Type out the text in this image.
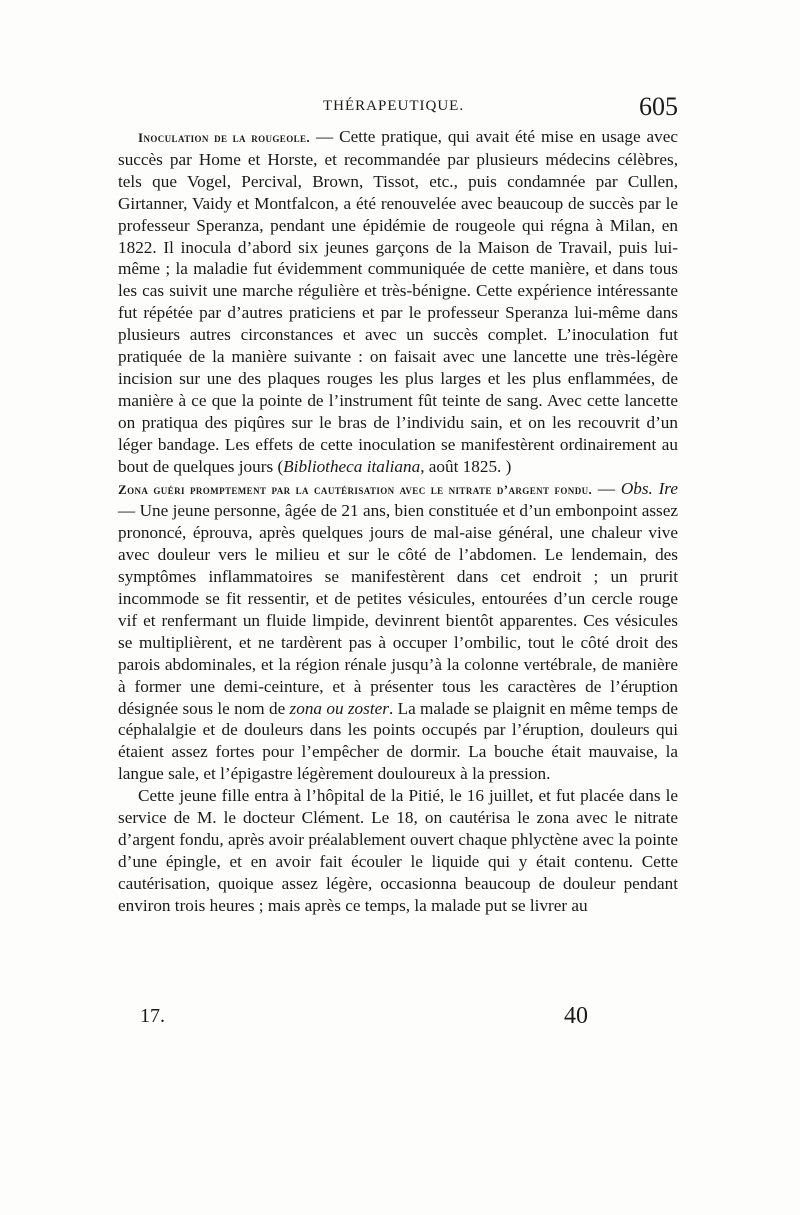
THÉRAPEUTIQUE.	605

Inoculation de la rougeole. — Cette pratique, qui avait été mise en usage avec succès par Home et Horste, et recommandée par plusieurs médecins célèbres, tels que Vogel, Percival, Brown, Tissot, etc., puis condamnée par Cullen, Girtanner, Vaidy et Montfalcon, a été renouvelée avec beaucoup de succès par le professeur Speranza, pendant une épidémie de rougeole qui régna à Milan, en 1822. Il inocula d’abord six jeunes garçons de la Maison de Travail, puis lui-même ; la maladie fut évidemment communiquée de cette manière, et dans tous les cas suivit une marche régulière et très-bénigne. Cette expérience intéressante fut répétée par d’autres praticiens et par le professeur Speranza lui-même dans plusieurs autres circonstances et avec un succès complet. L’inoculation fut pratiquée de la manière suivante : on faisait avec une lancette une très-légère incision sur une des plaques rouges les plus larges et les plus enflammées, de manière à ce que la pointe de l’instrument fût teinte de sang. Avec cette lancette on pratiqua des piqûres sur le bras de l’individu sain, et on les recouvrit d’un léger bandage. Les effets de cette inoculation se manifestèrent ordinairement au bout de quelques jours (Bibliotheca italiana, août 1825. )

Zona guéri promptement par la cautérisation avec le nitrate d’argent fondu. — Obs. Ire — Une jeune personne, âgée de 21 ans, bien constituée et d’un embonpoint assez prononcé, éprouva, après quelques jours de mal-aise général, une chaleur vive avec douleur vers le milieu et sur le côté de l’abdomen. Le lendemain, des symptômes inflammatoires se manifestèrent dans cet endroit ; un prurit incommode se fit ressentir, et de petites vésicules, entourées d’un cercle rouge vif et renfermant un fluide limpide, devinrent bientôt apparentes. Ces vésicules se multiplièrent, et ne tardèrent pas à occuper l’ombilic, tout le côté droit des parois abdominales, et la région rénale jusqu’à la colonne vertébrale, de manière à former une demi-ceinture, et à présenter tous les caractères de l’éruption désignée sous le nom de zona ou zoster. La malade se plaignit en même temps de céphalalgie et de douleurs dans les points occupés par l’éruption, douleurs qui étaient assez fortes pour l’empêcher de dormir. La bouche était mauvaise, la langue sale, et l’épigastre légèrement douloureux à la pression.

Cette jeune fille entra à l’hôpital de la Pitié, le 16 juillet, et fut placée dans le service de M. le docteur Clément. Le 18, on cautérisa le zona avec le nitrate d’argent fondu, après avoir préalablement ouvert chaque phlyctène avec la pointe d’une épingle, et en avoir fait écouler le liquide qui y était contenu. Cette cautérisation, quoique assez légère, occasionna beaucoup de douleur pendant environ trois heures ; mais après ce temps, la malade put se livrer au

17.	40
